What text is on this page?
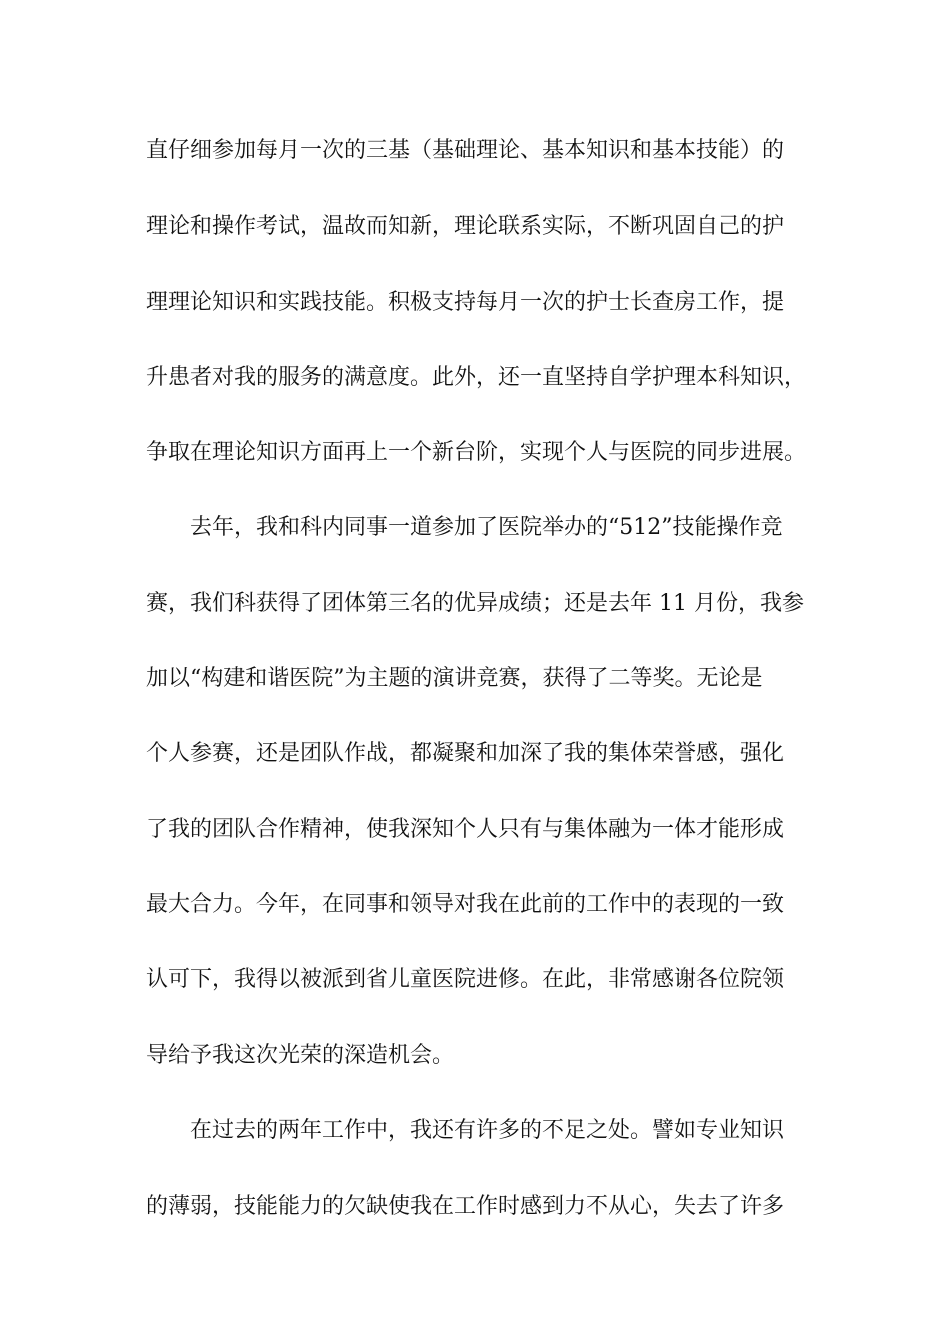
直仔细参加每月一次的三基（基础理论、基本知识和基本技能）的
理论和操作考试，温故而知新，理论联系实际，不断巩固自己的护
理理论知识和实践技能。积极支持每月一次的护士长查房工作，提
升患者对我的服务的满意度。此外，还一直坚持自学护理本科知识，
争取在理论知识方面再上一个新台阶，实现个人与医院的同步进展。
去年，我和科内同事一道参加了医院举办的“512”技能操作竞
赛，我们科获得了团体第三名的优异成绩；还是去年 11 月份，我参
加以“构建和谐医院”为主题的演讲竞赛，获得了二等奖。无论是
个人参赛，还是团队作战，都凝聚和加深了我的集体荣誉感，强化
了我的团队合作精神，使我深知个人只有与集体融为一体才能形成
最大合力。今年，在同事和领导对我在此前的工作中的表现的一致
认可下，我得以被派到省儿童医院进修。在此，非常感谢各位院领
导给予我这次光荣的深造机会。
在过去的两年工作中，我还有许多的不足之处。譬如专业知识
的薄弱，技能能力的欠缺使我在工作时感到力不从心，失去了许多
